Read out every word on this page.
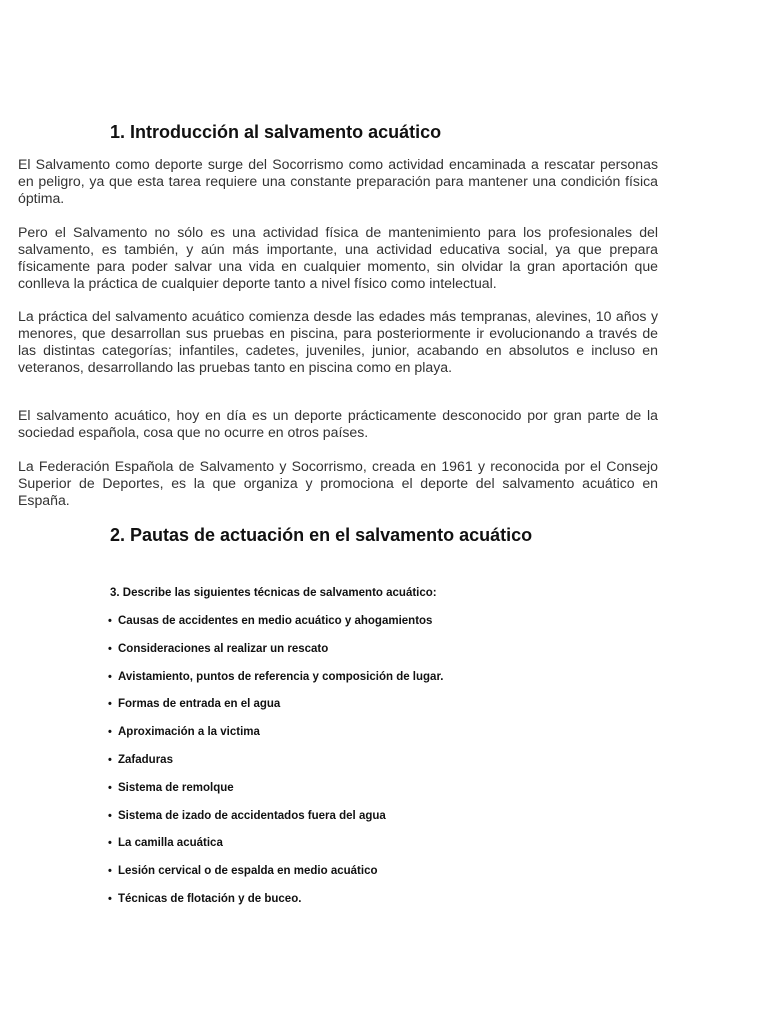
1. Introducción al salvamento acuático

El Salvamento como deporte surge del Socorrismo como actividad encaminada a rescatar personas en peligro, ya que esta tarea requiere una constante preparación para mantener una condición física óptima.

Pero el Salvamento no sólo es una actividad física de mantenimiento para los profesionales del salvamento, es también, y aún más importante, una actividad educativa social, ya que prepara físicamente para poder salvar una vida en cualquier momento, sin olvidar la gran aportación que conlleva la práctica de cualquier deporte tanto a nivel físico como intelectual.

La práctica del salvamento acuático comienza desde las edades más tempranas, alevines, 10 años y menores, que desarrollan sus pruebas en piscina, para posteriormente ir evolucionando a través de las distintas categorías; infantiles, cadetes, juveniles, junior, acabando en absolutos e incluso en veteranos, desarrollando las pruebas tanto en piscina como en playa.

El salvamento acuático, hoy en día es un deporte prácticamente desconocido por gran parte de la sociedad española, cosa que no ocurre en otros países.

La Federación Española de Salvamento y Socorrismo, creada en 1961 y reconocida por el Consejo Superior de Deportes, es la que organiza y promociona el deporte del salvamento acuático en España.

2. Pautas de actuación en el salvamento acuático

3. Describe las siguientes técnicas de salvamento acuático:

• Causas de accidentes en medio acuático y ahogamientos
• Consideraciones al realizar un rescato
• Avistamiento, puntos de referencia y composición de lugar.
• Formas de entrada en el agua
• Aproximación a la victima
• Zafaduras
• Sistema de remolque
• Sistema de izado de accidentados fuera del agua
• La camilla acuática
• Lesión cervical o de espalda en medio acuático
• Técnicas de flotación y de buceo.
